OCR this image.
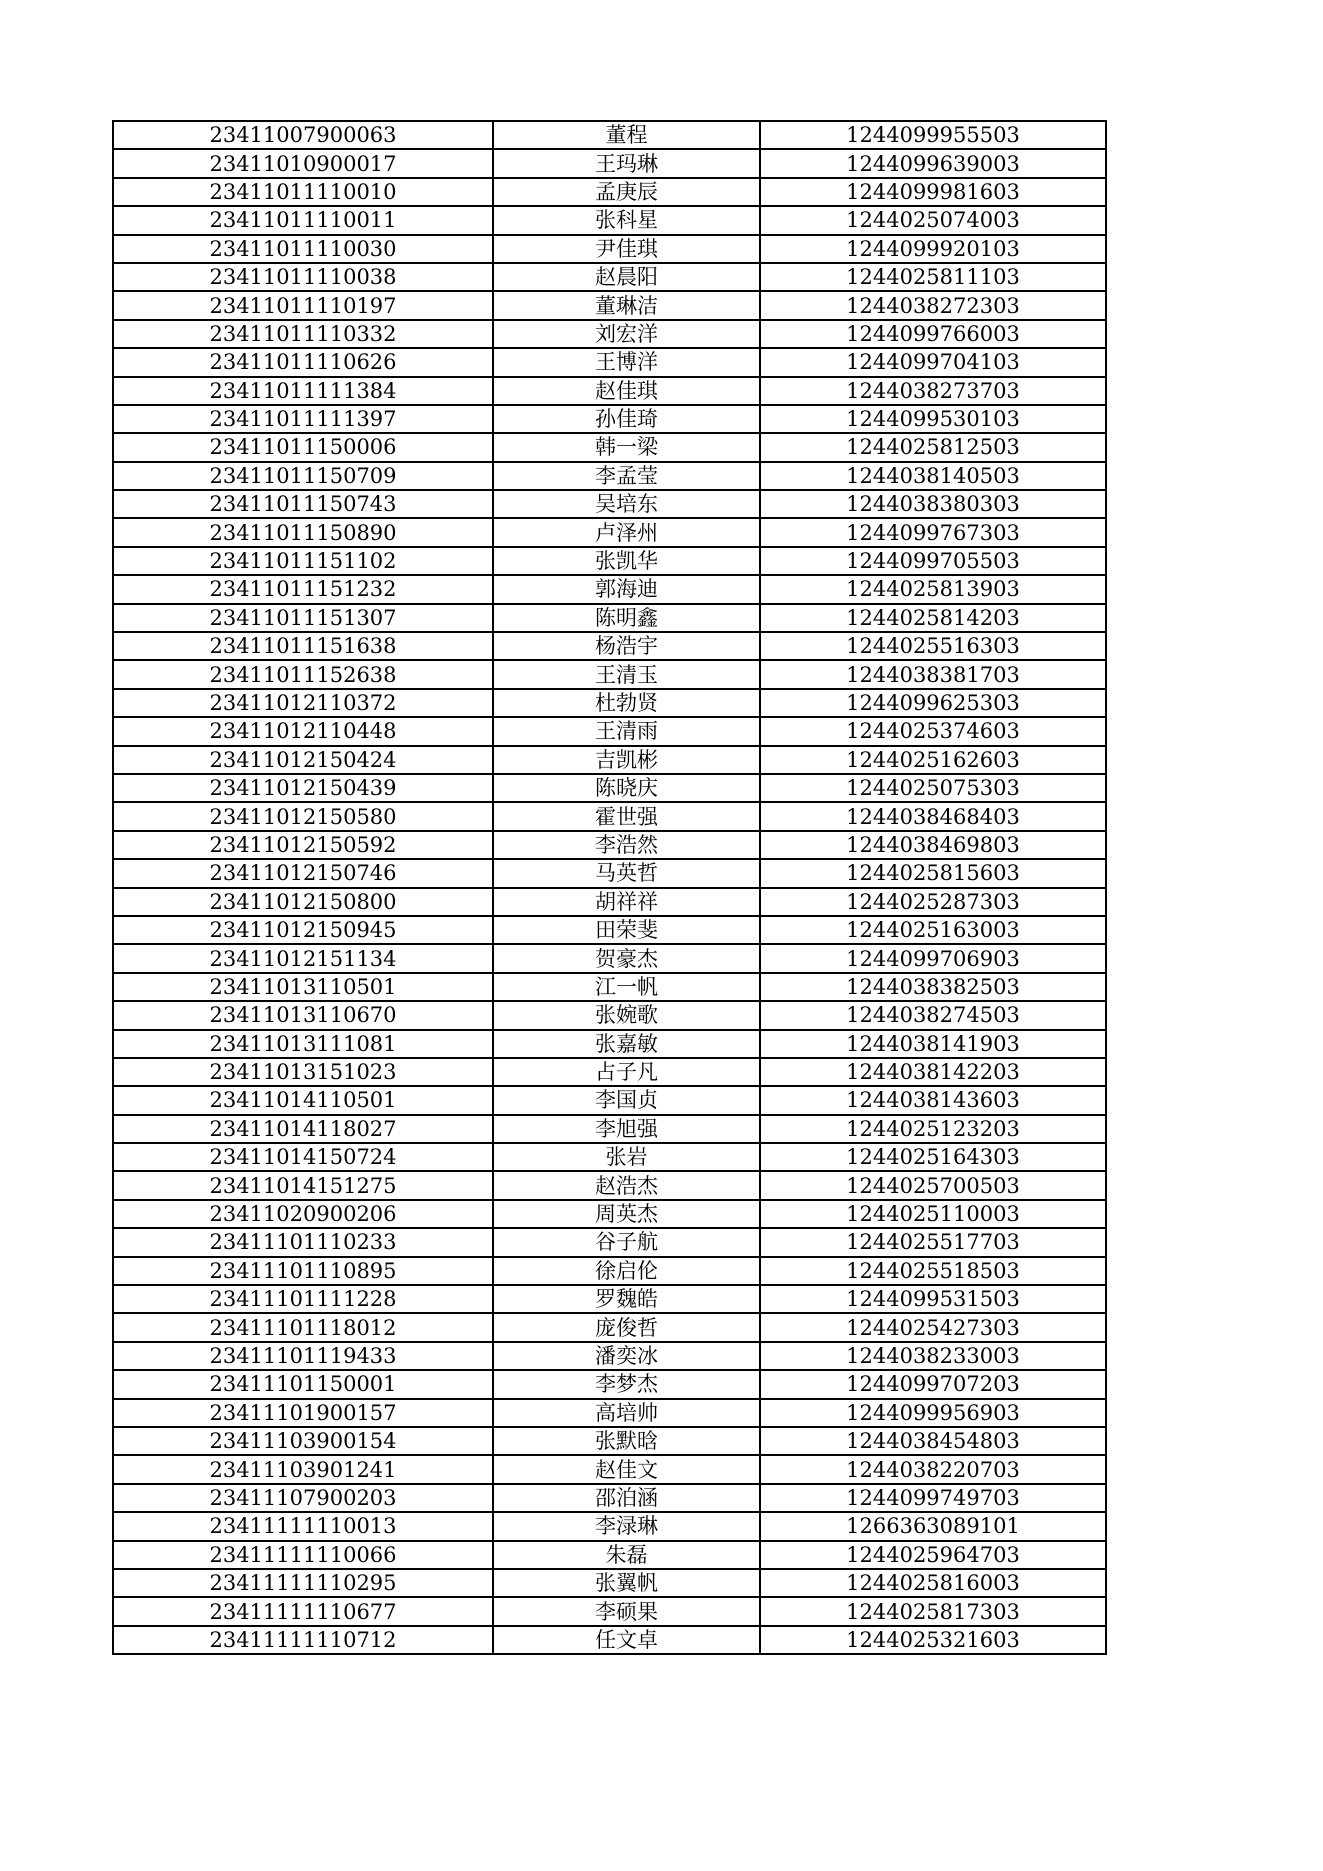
23411007900063	董程	1244099955503
23411010900017	王玛琳	1244099639003
23411011110010	孟庚辰	1244099981603
23411011110011	张科星	1244025074003
23411011110030	尹佳琪	1244099920103
23411011110038	赵晨阳	1244025811103
23411011110197	董琳洁	1244038272303
23411011110332	刘宏洋	1244099766003
23411011110626	王博洋	1244099704103
23411011111384	赵佳琪	1244038273703
23411011111397	孙佳琦	1244099530103
23411011150006	韩一梁	1244025812503
23411011150709	李孟莹	1244038140503
23411011150743	吴培东	1244038380303
23411011150890	卢泽州	1244099767303
23411011151102	张凯华	1244099705503
23411011151232	郭海迪	1244025813903
23411011151307	陈明鑫	1244025814203
23411011151638	杨浩宇	1244025516303
23411011152638	王清玉	1244038381703
23411012110372	杜勃贤	1244099625303
23411012110448	王清雨	1244025374603
23411012150424	吉凯彬	1244025162603
23411012150439	陈晓庆	1244025075303
23411012150580	霍世强	1244038468403
23411012150592	李浩然	1244038469803
23411012150746	马英哲	1244025815603
23411012150800	胡祥祥	1244025287303
23411012150945	田荣斐	1244025163003
23411012151134	贺豪杰	1244099706903
23411013110501	江一帆	1244038382503
23411013110670	张婉歌	1244038274503
23411013111081	张嘉敏	1244038141903
23411013151023	占子凡	1244038142203
23411014110501	李国贞	1244038143603
23411014118027	李旭强	1244025123203
23411014150724	张岩	1244025164303
23411014151275	赵浩杰	1244025700503
23411020900206	周英杰	1244025110003
23411101110233	谷子航	1244025517703
23411101110895	徐启伦	1244025518503
23411101111228	罗魏皓	1244099531503
23411101118012	庞俊哲	1244025427303
23411101119433	潘奕冰	1244038233003
23411101150001	李梦杰	1244099707203
23411101900157	高培帅	1244099956903
23411103900154	张默晗	1244038454803
23411103901241	赵佳文	1244038220703
23411107900203	邵泊涵	1244099749703
23411111110013	李渌琳	1266363089101
23411111110066	朱磊	1244025964703
23411111110295	张翼帆	1244025816003
23411111110677	李硕果	1244025817303
23411111110712	任文卓	1244025321603
